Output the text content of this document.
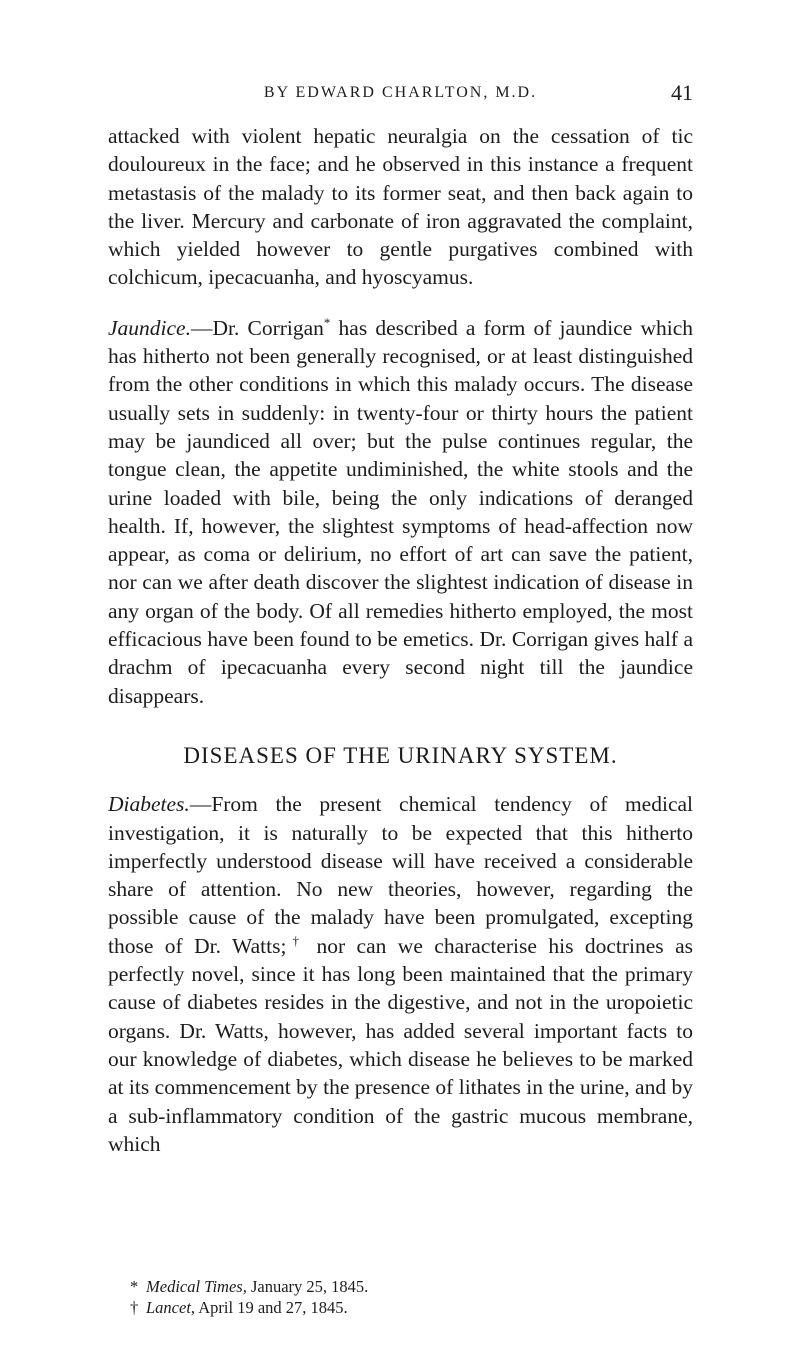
BY EDWARD CHARLTON, M.D.	41

attacked with violent hepatic neuralgia on the cessation of tic douloureux in the face; and he observed in this instance a frequent metastasis of the malady to its former seat, and then back again to the liver. Mercury and carbonate of iron aggravated the complaint, which yielded however to gentle purgatives combined with colchicum, ipecacuanha, and hyoscyamus.

Jaundice.—Dr. Corrigan* has described a form of jaundice which has hitherto not been generally recognised, or at least distinguished from the other conditions in which this malady occurs. The disease usually sets in suddenly: in twenty-four or thirty hours the patient may be jaundiced all over; but the pulse continues regular, the tongue clean, the appetite undiminished, the white stools and the urine loaded with bile, being the only indications of deranged health. If, however, the slightest symptoms of head-affection now appear, as coma or delirium, no effort of art can save the patient, nor can we after death discover the slightest indication of disease in any organ of the body. Of all remedies hitherto employed, the most efficacious have been found to be emetics. Dr. Corrigan gives half a drachm of ipecacuanha every second night till the jaundice disappears.

DISEASES OF THE URINARY SYSTEM.

Diabetes.—From the present chemical tendency of medical investigation, it is naturally to be expected that this hitherto imperfectly understood disease will have received a considerable share of attention. No new theories, however, regarding the possible cause of the malady have been promulgated, excepting those of Dr. Watts;† nor can we characterise his doctrines as perfectly novel, since it has long been maintained that the primary cause of diabetes resides in the digestive, and not in the uropoietic organs. Dr. Watts, however, has added several important facts to our knowledge of diabetes, which disease he believes to be marked at its commencement by the presence of lithates in the urine, and by a sub-inflammatory condition of the gastric mucous membrane, which

* Medical Times, January 25, 1845.
† Lancet, April 19 and 27, 1845.
